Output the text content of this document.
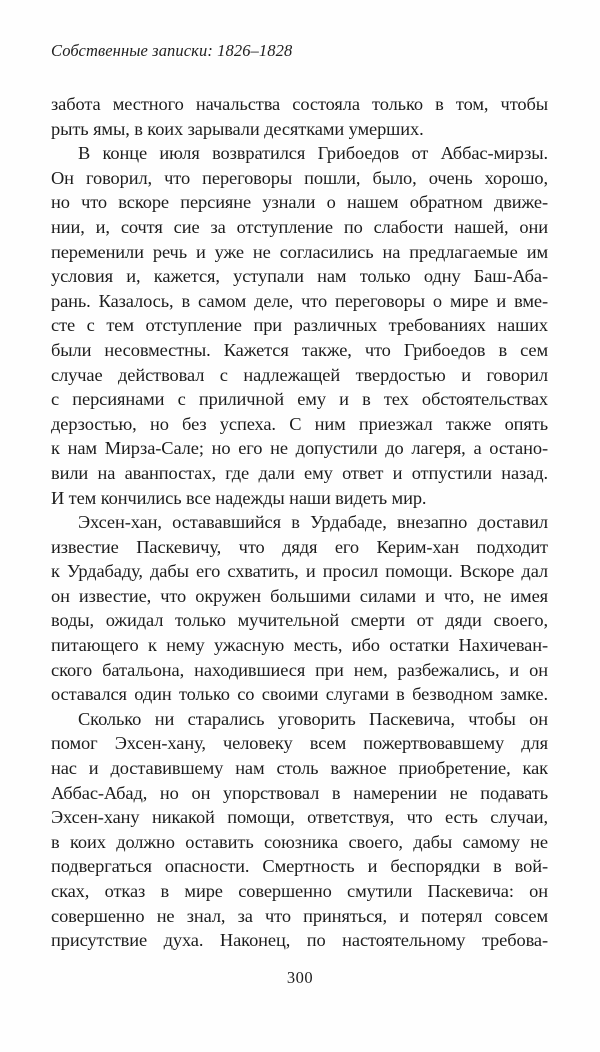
Собственные записки: 1826–1828
забота местного начальства состояла только в том, чтобы
рыть ямы, в коих зарывали десятками умерших.
В конце июля возвратился Грибоедов от Аббас-мирзы.
Он говорил, что переговоры пошли, было, очень хорошо,
но что вскоре персияне узнали о нашем обратном движе-
нии, и, сочтя сие за отступление по слабости нашей, они
переменили речь и уже не согласились на предлагаемые им
условия и, кажется, уступали нам только одну Баш-Аба-
рань. Казалось, в самом деле, что переговоры о мире и вме-
сте с тем отступление при различных требованиях наших
были несовместны. Кажется также, что Грибоедов в сем
случае действовал с надлежащей твердостью и говорил
с персиянами с приличной ему и в тех обстоятельствах
дерзостью, но без успеха. С ним приезжал также опять
к нам Мирза-Сале; но его не допустили до лагеря, а остано-
вили на аванпостах, где дали ему ответ и отпустили назад.
И тем кончились все надежды наши видеть мир.
Эхсен-хан, остававшийся в Урдабаде, внезапно доставил
известие Паскевичу, что дядя его Керим-хан подходит
к Урдабаду, дабы его схватить, и просил помощи. Вскоре дал
он известие, что окружен большими силами и что, не имея
воды, ожидал только мучительной смерти от дяди своего,
питающего к нему ужасную месть, ибо остатки Нахичеван-
ского батальона, находившиеся при нем, разбежались, и он
оставался один только со своими слугами в безводном замке.
Сколько ни старались уговорить Паскевича, чтобы он
помог Эхсен-хану, человеку всем пожертвовавшему для
нас и доставившему нам столь важное приобретение, как
Аббас-Абад, но он упорствовал в намерении не подавать
Эхсен-хану никакой помощи, ответствуя, что есть случаи,
в коих должно оставить союзника своего, дабы самому не
подвергаться опасности. Смертность и беспорядки в вой-
сках, отказ в мире совершенно смутили Паскевича: он
совершенно не знал, за что приняться, и потерял совсем
присутствие духа. Наконец, по настоятельному требова-
300
